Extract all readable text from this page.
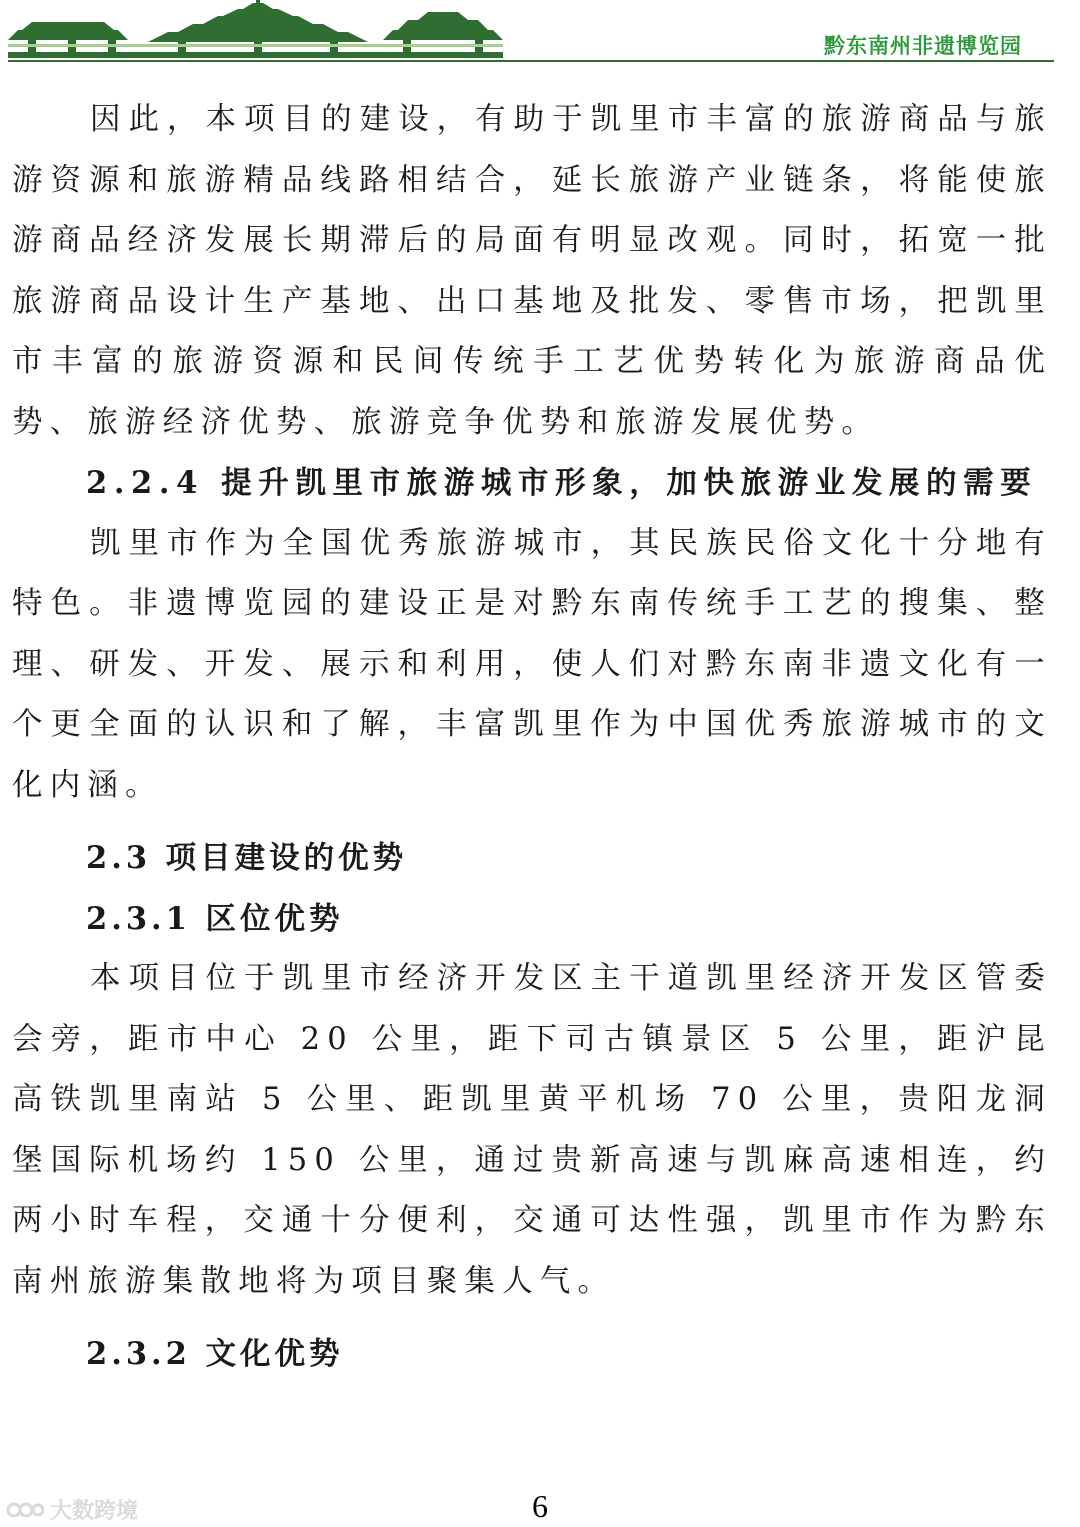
黔东南州非遗博览园

因此，本项目的建设，有助于凯里市丰富的旅游商品与旅游资源和旅游精品线路相结合，延长旅游产业链条，将能使旅游商品经济发展长期滞后的局面有明显改观。同时，拓宽一批旅游商品设计生产基地、出口基地及批发、零售市场，把凯里市丰富的旅游资源和民间传统手工艺优势转化为旅游商品优势、旅游经济优势、旅游竞争优势和旅游发展优势。

2.2.4 提升凯里市旅游城市形象，加快旅游业发展的需要

凯里市作为全国优秀旅游城市，其民族民俗文化十分地有特色。非遗博览园的建设正是对黔东南传统手工艺的搜集、整理、研发、开发、展示和利用，使人们对黔东南非遗文化有一个更全面的认识和了解，丰富凯里作为中国优秀旅游城市的文化内涵。

2.3 项目建设的优势

2.3.1 区位优势

本项目位于凯里市经济开发区主干道凯里经济开发区管委会旁，距市中心 20 公里，距下司古镇景区 5 公里，距沪昆高铁凯里南站 5 公里、距凯里黄平机场 70 公里，贵阳龙洞堡国际机场约 150 公里，通过贵新高速与凯麻高速相连，约两小时车程，交通十分便利，交通可达性强，凯里市作为黔东南州旅游集散地将为项目聚集人气。

2.3.2 文化优势

大数跨境	6
